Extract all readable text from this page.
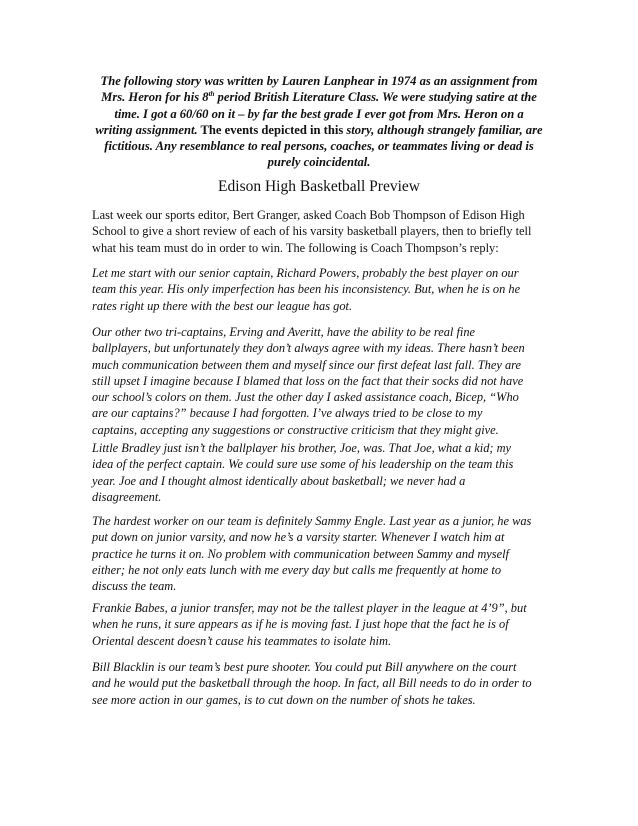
The following story was written by Lauren Lanphear in 1974 as an assignment from
Mrs. Heron for his 8th period British Literature Class. We were studying satire at the
time. I got a 60/60 on it – by far the best grade I ever got from Mrs. Heron on a
writing assignment. The events depicted in this story, although strangely familiar, are
fictitious. Any resemblance to real persons, coaches, or teammates living or dead is
purely coincidental.
Edison High Basketball Preview

Last week our sports editor, Bert Granger, asked Coach Bob Thompson of Edison High
School to give a short review of each of his varsity basketball players, then to briefly tell
what his team must do in order to win. The following is Coach Thompson’s reply:

Let me start with our senior captain, Richard Powers, probably the best player on our
team this year. His only imperfection has been his inconsistency. But, when he is on he
rates right up there with the best our league has got.

Our other two tri-captains, Erving and Averitt, have the ability to be real fine
ballplayers, but unfortunately they don’t always agree with my ideas. There hasn’t been
much communication between them and myself since our first defeat last fall. They are
still upset I imagine because I blamed that loss on the fact that their socks did not have
our school’s colors on them. Just the other day I asked assistance coach, Bicep, “Who
are our captains?” because I had forgotten. I’ve always tried to be close to my
captains, accepting any suggestions or constructive criticism that they might give.

Little Bradley just isn’t the ballplayer his brother, Joe, was. That Joe, what a kid; my
idea of the perfect captain. We could sure use some of his leadership on the team this
year. Joe and I thought almost identically about basketball; we never had a
disagreement.

The hardest worker on our team is definitely Sammy Engle. Last year as a junior, he was
put down on junior varsity, and now he’s a varsity starter. Whenever I watch him at
practice he turns it on. No problem with communication between Sammy and myself
either; he not only eats lunch with me every day but calls me frequently at home to
discuss the team.

Frankie Babes, a junior transfer, may not be the tallest player in the league at 4’9”, but
when he runs, it sure appears as if he is moving fast. I just hope that the fact he is of
Oriental descent doesn’t cause his teammates to isolate him.

Bill Blacklin is our team’s best pure shooter. You could put Bill anywhere on the court
and he would put the basketball through the hoop. In fact, all Bill needs to do in order to
see more action in our games, is to cut down on the number of shots he takes.
